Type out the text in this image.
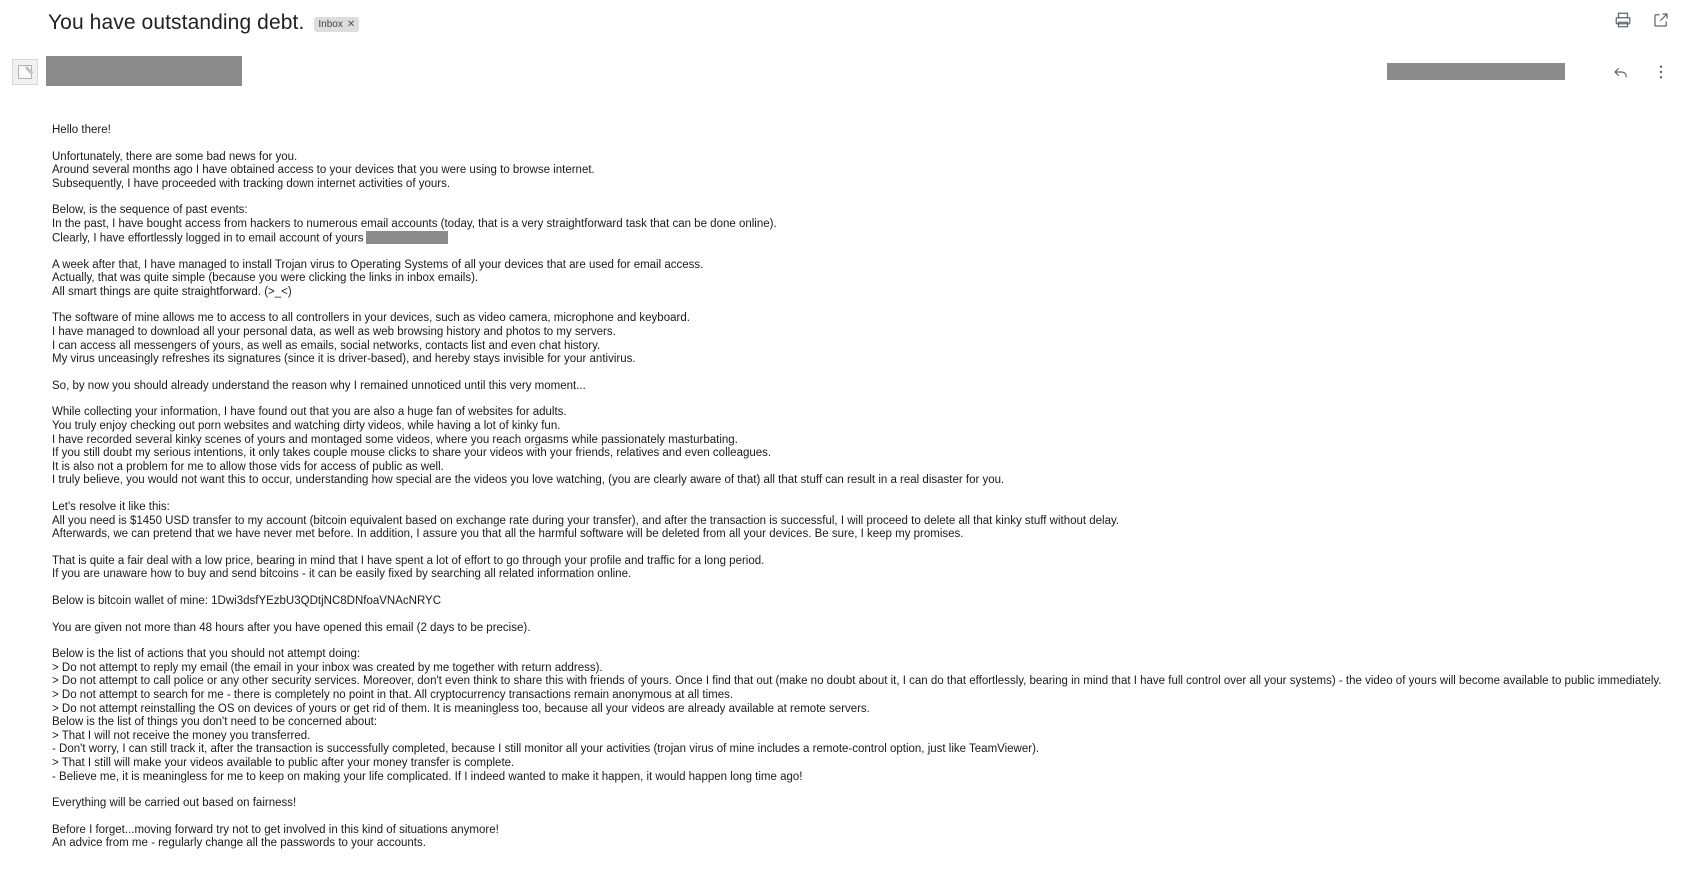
You have outstanding debt. Inbox ✕
Hello there!
Unfortunately, there are some bad news for you.
Around several months ago I have obtained access to your devices that you were using to browse internet.
Subsequently, I have proceeded with tracking down internet activities of yours.
Below, is the sequence of past events:
In the past, I have bought access from hackers to numerous email accounts (today, that is a very straightforward task that can be done online).
Clearly, I have effortlessly logged in to email account of yours
A week after that, I have managed to install Trojan virus to Operating Systems of all your devices that are used for email access.
Actually, that was quite simple (because you were clicking the links in inbox emails).
All smart things are quite straightforward. (>_<)
The software of mine allows me to access to all controllers in your devices, such as video camera, microphone and keyboard.
I have managed to download all your personal data, as well as web browsing history and photos to my servers.
I can access all messengers of yours, as well as emails, social networks, contacts list and even chat history.
My virus unceasingly refreshes its signatures (since it is driver-based), and hereby stays invisible for your antivirus.
So, by now you should already understand the reason why I remained unnoticed until this very moment...
While collecting your information, I have found out that you are also a huge fan of websites for adults.
You truly enjoy checking out porn websites and watching dirty videos, while having a lot of kinky fun.
I have recorded several kinky scenes of yours and montaged some videos, where you reach orgasms while passionately masturbating.
If you still doubt my serious intentions, it only takes couple mouse clicks to share your videos with your friends, relatives and even colleagues.
It is also not a problem for me to allow those vids for access of public as well.
I truly believe, you would not want this to occur, understanding how special are the videos you love watching, (you are clearly aware of that) all that stuff can result in a real disaster for you.
Let's resolve it like this:
All you need is $1450 USD transfer to my account (bitcoin equivalent based on exchange rate during your transfer), and after the transaction is successful, I will proceed to delete all that kinky stuff without delay.
Afterwards, we can pretend that we have never met before. In addition, I assure you that all the harmful software will be deleted from all your devices. Be sure, I keep my promises.
That is quite a fair deal with a low price, bearing in mind that I have spent a lot of effort to go through your profile and traffic for a long period.
If you are unaware how to buy and send bitcoins - it can be easily fixed by searching all related information online.
Below is bitcoin wallet of mine: 1Dwi3dsfYEzbU3QDtjNC8DNfoaVNAcNRYC
You are given not more than 48 hours after you have opened this email (2 days to be precise).
Below is the list of actions that you should not attempt doing:
> Do not attempt to reply my email (the email in your inbox was created by me together with return address).
> Do not attempt to call police or any other security services. Moreover, don't even think to share this with friends of yours. Once I find that out (make no doubt about it, I can do that effortlessly, bearing in mind that I have full control over all your systems) - the video of yours will become available to public immediately.
> Do not attempt to search for me - there is completely no point in that. All cryptocurrency transactions remain anonymous at all times.
> Do not attempt reinstalling the OS on devices of yours or get rid of them. It is meaningless too, because all your videos are already available at remote servers.
Below is the list of things you don't need to be concerned about:
> That I will not receive the money you transferred.
- Don't worry, I can still track it, after the transaction is successfully completed, because I still monitor all your activities (trojan virus of mine includes a remote-control option, just like TeamViewer).
> That I still will make your videos available to public after your money transfer is complete.
- Believe me, it is meaningless for me to keep on making your life complicated. If I indeed wanted to make it happen, it would happen long time ago!
Everything will be carried out based on fairness!
Before I forget...moving forward try not to get involved in this kind of situations anymore!
An advice from me - regularly change all the passwords to your accounts.
